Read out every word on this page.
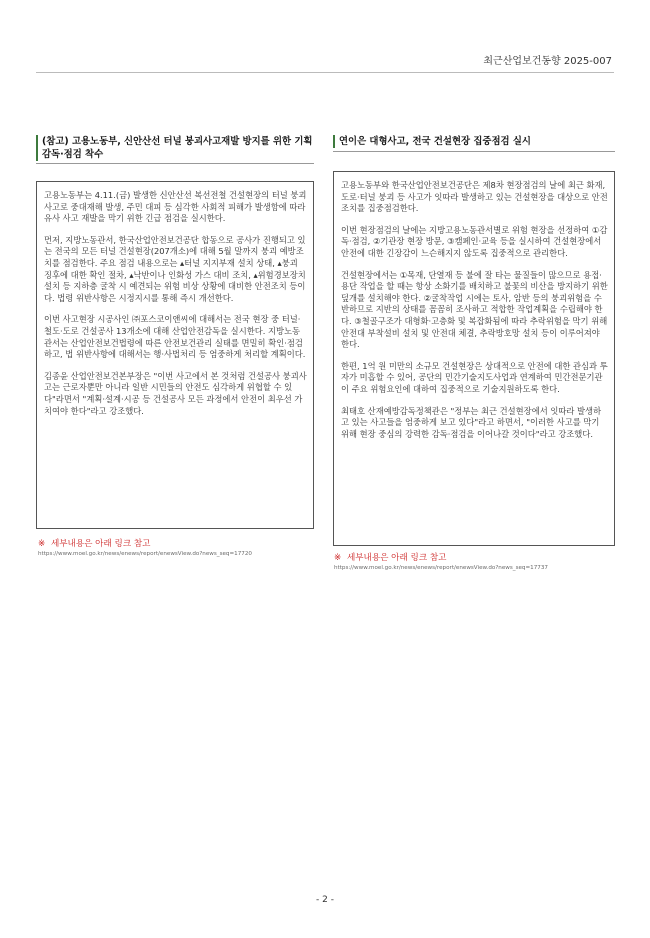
최근산업보건동향 2025-007
(참고) 고용노동부, 신안산선 터널 붕괴사고재발 방지를 위한 기획감독·점검 착수

고용노동부는 4.11.(금) 발생한 신안산선 복선전철 건설현장의 터널 붕괴사고로 중대재해 발생, 주민 대피 등 심각한 사회적 피해가 발생함에 따라 유사 사고 재발을 막기 위한 긴급 점검을 실시한다.

먼저, 지방노동관서, 한국산업안전보건공단 합동으로 공사가 진행되고 있는 전국의 모든 터널 건설현장(207개소)에 대해 5월 말까지 붕괴 예방조치를 점검한다. 주요 점검 내용으로는 ▴터널 지지부재 설치 상태, ▴붕괴 징후에 대한 확인 절차, ▴낙반이나 인화성 가스 대비 조치, ▴위험경보장치 설치 등 지하층 굴착 시 예견되는 위험 비상 상황에 대비한 안전조치 등이다. 법령 위반사항은 시정지시를 통해 즉시 개선한다.

이번 사고현장 시공사인 ㈜포스코이앤씨에 대해서는 전국 현장 중 터널·철도·도로 건설공사 13개소에 대해 산업안전감독을 실시한다. 지방노동관서는 산업안전보건법령에 따른 안전보건관리 실태를 면밀히 확인·점검하고, 법 위반사항에 대해서는 행·사법처리 등 엄중하게 처리할 계획이다.

김종윤 산업안전보건본부장은 "이번 사고에서 본 것처럼 건설공사 붕괴사고는 근로자뿐만 아니라 일반 시민들의 안전도 심각하게 위협할 수 있다"라면서 "계획·설계·시공 등 건설공사 모든 과정에서 안전이 최우선 가치여야 한다"라고 강조했다.

※ 세부내용은 아래 링크 참고
https://www.moel.go.kr/news/enews/report/enewsView.do?news_seq=17720
연이은 대형사고, 전국 건설현장 집중점검 실시

고용노동부와 한국산업안전보건공단은 제8차 현장점검의 날에 최근 화재, 도로·터널 붕괴 등 사고가 잇따라 발생하고 있는 건설현장을 대상으로 안전조치를 집중점검한다.

이번 현장점검의 날에는 지방고용노동관서별로 위험 현장을 선정하여 ①감독·점검, ②기관장 현장 방문, ③캠페인·교육 등을 실시하여 건설현장에서 안전에 대한 긴장감이 느슨해지지 않도록 집중적으로 관리한다.

건설현장에서는 ①목재, 단열재 등 불에 잘 타는 물질들이 많으므로 용접·용단 작업을 할 때는 항상 소화기를 배치하고 불꽃의 비산을 방지하기 위한 덮개를 설치해야 한다. ②굴착작업 시에는 토사, 암반 등의 붕괴위험을 수반하므로 지반의 상태를 꼼꼼히 조사하고 적합한 작업계획을 수립해야 한다. ③철골구조가 대형화·고층화 및 복잡화됨에 따라 추락위험을 막기 위해 안전대 부착설비 설치 및 안전대 체결, 추락방호망 설치 등이 이루어져야 한다.

한편, 1억 원 미만의 소규모 건설현장은 상대적으로 안전에 대한 관심과 투자가 미흡할 수 있어, 공단의 민간기술지도사업과 연계하여 민간전문기관이 주요 위험요인에 대하여 집중적으로 기술지원하도록 한다.

최태호 산재예방감독정책관은 "정부는 최근 건설현장에서 잇따라 발생하고 있는 사고들을 엄중하게 보고 있다"라고 하면서, "이러한 사고를 막기 위해 현장 중심의 강력한 감독·점검을 이어나갈 것이다"라고 강조했다.

※ 세부내용은 아래 링크 참고
https://www.moel.go.kr/news/enews/report/enewsView.do?news_seq=17737
- 2 -
